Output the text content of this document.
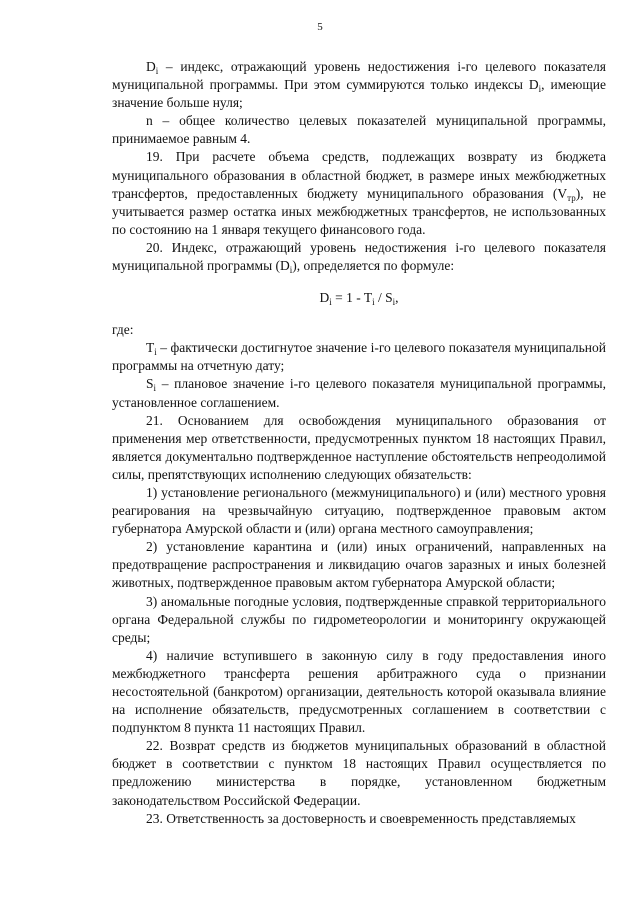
5

$D_i$ – индекс, отражающий уровень недостижения i-го целевого показателя муниципальной программы. При этом суммируются только индексы $D_i$, имеющие значение больше нуля;

n – общее количество целевых показателей муниципальной программы, принимаемое равным 4.

19. При расчете объема средств, подлежащих возврату из бюджета муниципального образования в областной бюджет, в размере иных межбюджетных трансфертов, предоставленных бюджету муниципального образования $(V_{тр})$, не учитывается размер остатка иных межбюджетных трансфертов, не использованных по состоянию на 1 января текущего финансового года.

20. Индекс, отражающий уровень недостижения i-го целевого показателя муниципальной программы $(D_i)$, определяется по формуле:

$D_i = 1 - T_i / S_i$,

где:

$T_i$ – фактически достигнутое значение i-го целевого показателя муниципальной программы на отчетную дату;

$S_i$ – плановое значение i-го целевого показателя муниципальной программы, установленное соглашением.

21. Основанием для освобождения муниципального образования от применения мер ответственности, предусмотренных пунктом 18 настоящих Правил, является документально подтвержденное наступление обстоятельств непреодолимой силы, препятствующих исполнению следующих обязательств:

1) установление регионального (межмуниципального) и (или) местного уровня реагирования на чрезвычайную ситуацию, подтвержденное правовым актом губернатора Амурской области и (или) органа местного самоуправления;

2) установление карантина и (или) иных ограничений, направленных на предотвращение распространения и ликвидацию очагов заразных и иных болезней животных, подтвержденное правовым актом губернатора Амурской области;

3) аномальные погодные условия, подтвержденные справкой территориального органа Федеральной службы по гидрометеорологии и мониторингу окружающей среды;

4) наличие вступившего в законную силу в году предоставления иного межбюджетного трансферта решения арбитражного суда о признании несостоятельной (банкротом) организации, деятельность которой оказывала влияние на исполнение обязательств, предусмотренных соглашением в соответствии с подпунктом 8 пункта 11 настоящих Правил.

22. Возврат средств из бюджетов муниципальных образований в областной бюджет в соответствии с пунктом 18 настоящих Правил осуществляется по предложению министерства в порядке, установленном бюджетным законодательством Российской Федерации.

23. Ответственность за достоверность и своевременность представляемых
